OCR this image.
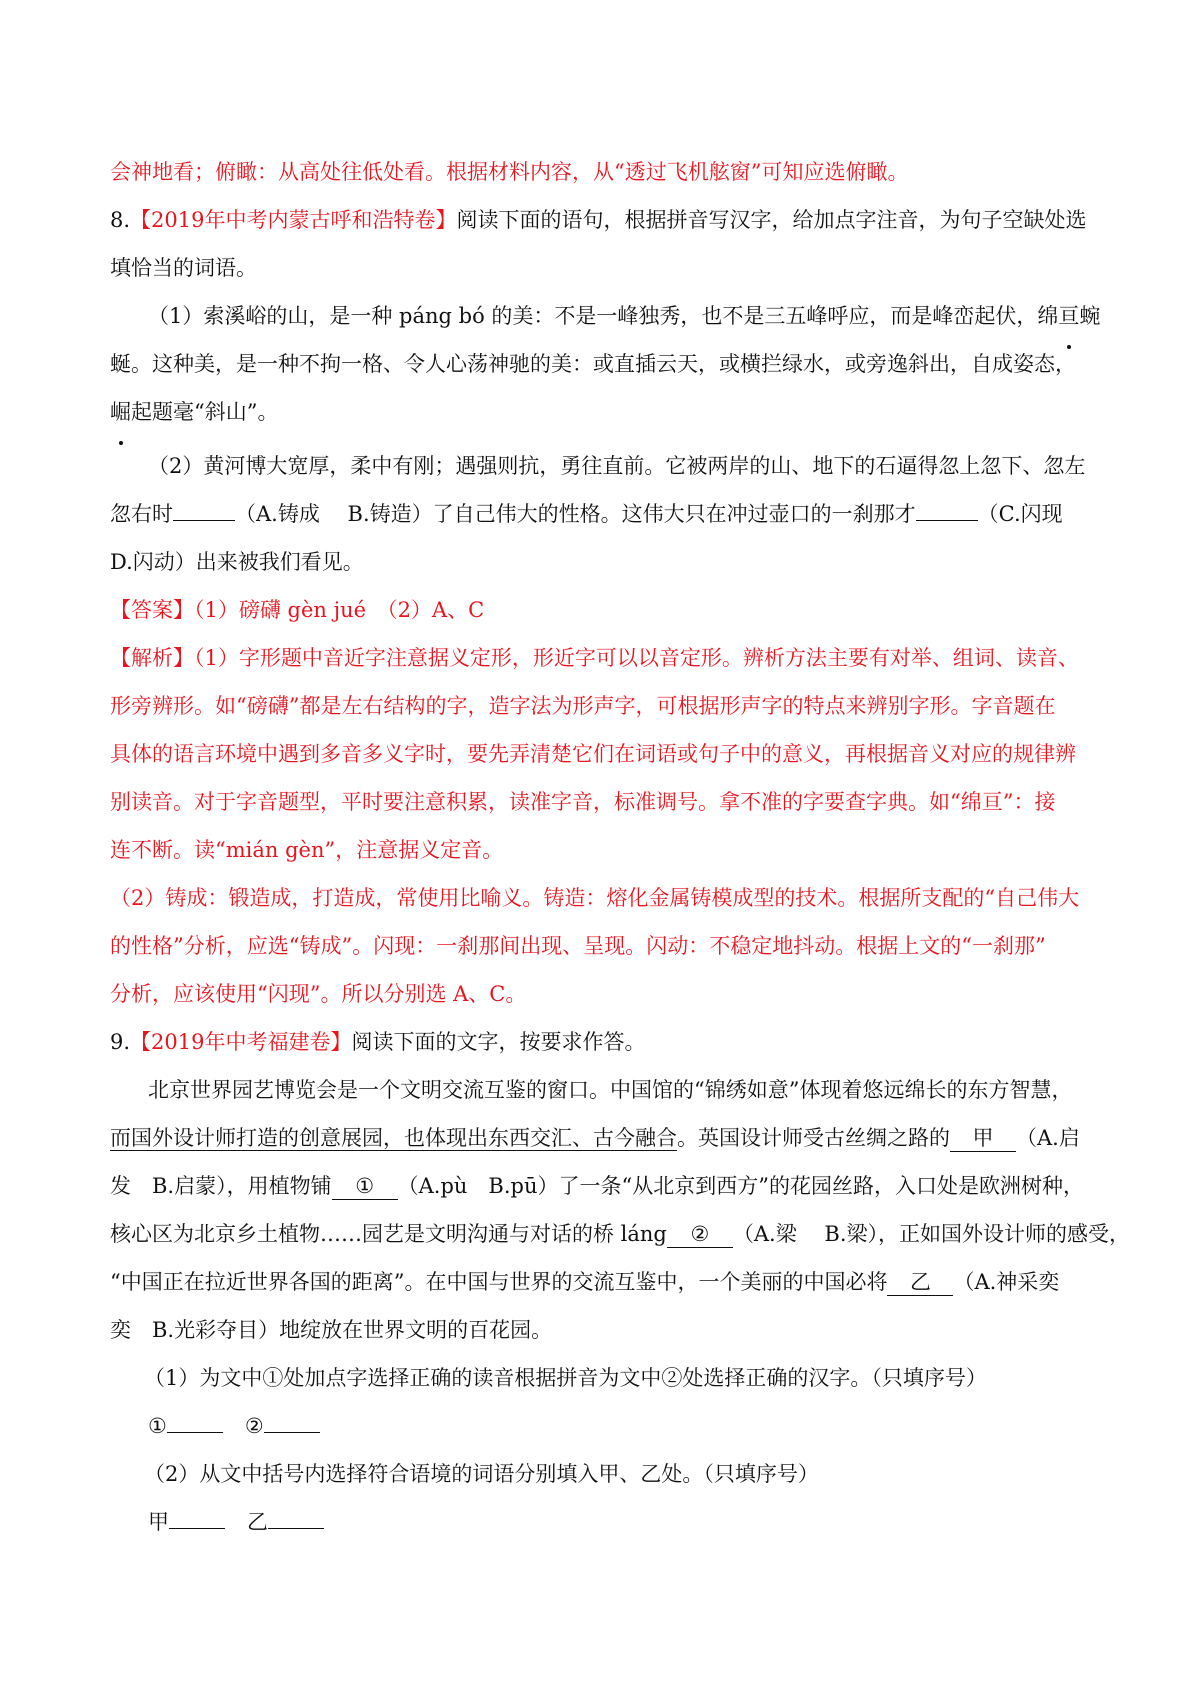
会神地看；俯瞰：从高处往低处看。根据材料内容，从“透过飞机舷窗”可知应选俯瞰。
8.【2019年中考内蒙古呼和浩特卷】阅读下面的语句，根据拼音写汉字，给加点字注音，为句子空缺处选
填恰当的词语。
（1）索溪峪的山，是一种 páng bó 的美：不是一峰独秀，也不是三五峰呼应，而是峰峦起伏，绵亘蜿
蜒。这种美，是一种不拘一格、令人心荡神驰的美：或直插云天，或横拦绿水，或旁逸斜出，自成姿态，
崛起题毫“斜山”。
（2）黄河博大宽厚，柔中有刚；遇强则抗，勇往直前。它被两岸的山、地下的石逼得忽上忽下、忽左
忽右时	（A.铸成　 B.铸造）了自己伟大的性格。这伟大只在冲过壶口的一刹那才	（C.闪现
D.闪动）出来被我们看见。
【答案】（1）磅礴 gèn jué　（2）A、C
【解析】（1）字形题中音近字注意据义定形，形近字可以以音定形。辨析方法主要有对举、组词、读音、
形旁辨形。如“磅礴”都是左右结构的字，造字法为形声字，可根据形声字的特点来辨别字形。字音题在
具体的语言环境中遇到多音多义字时，要先弄清楚它们在词语或句子中的意义，再根据音义对应的规律辨
别读音。对于字音题型，平时要注意积累，读准字音，标准调号。拿不准的字要查字典。如“绵亘”：接
连不断。读“mián gèn”，注意据义定音。
（2）铸成：锻造成，打造成，常使用比喻义。铸造：熔化金属铸模成型的技术。根据所支配的“自己伟大
的性格”分析，应选“铸成”。闪现：一刹那间出现、呈现。闪动：不稳定地抖动。根据上文的“一刹那”
分析，应该使用“闪现”。所以分别选 A、C。
9.【2019年中考福建卷】阅读下面的文字，按要求作答。
北京世界园艺博览会是一个文明交流互鉴的窗口。中国馆的“锦绣如意”体现着悠远绵长的东方智慧，
而国外设计师打造的创意展园，也体现出东西交汇、古今融合。英国设计师受古丝绸之路的 甲 （A.启
发　B.启蒙），用植物铺 ① （A.pù　B.pū）了一条“从北京到西方”的花园丝路，入口处是欧洲树种，
核心区为北京乡土植物……园艺是文明沟通与对话的桥 láng ② （A.梁　 B.梁），正如国外设计师的感受，
“中国正在拉近世界各国的距离”。在中国与世界的交流互鉴中，一个美丽的中国必将 乙 （A.神采奕
奕　B.光彩夺目）地绽放在世界文明的百花园。
（1）为文中①处加点字选择正确的读音根据拼音为文中②处选择正确的汉字。（只填序号）
①	②
（2）从文中括号内选择符合语境的词语分别填入甲、乙处。（只填序号）
甲	乙
